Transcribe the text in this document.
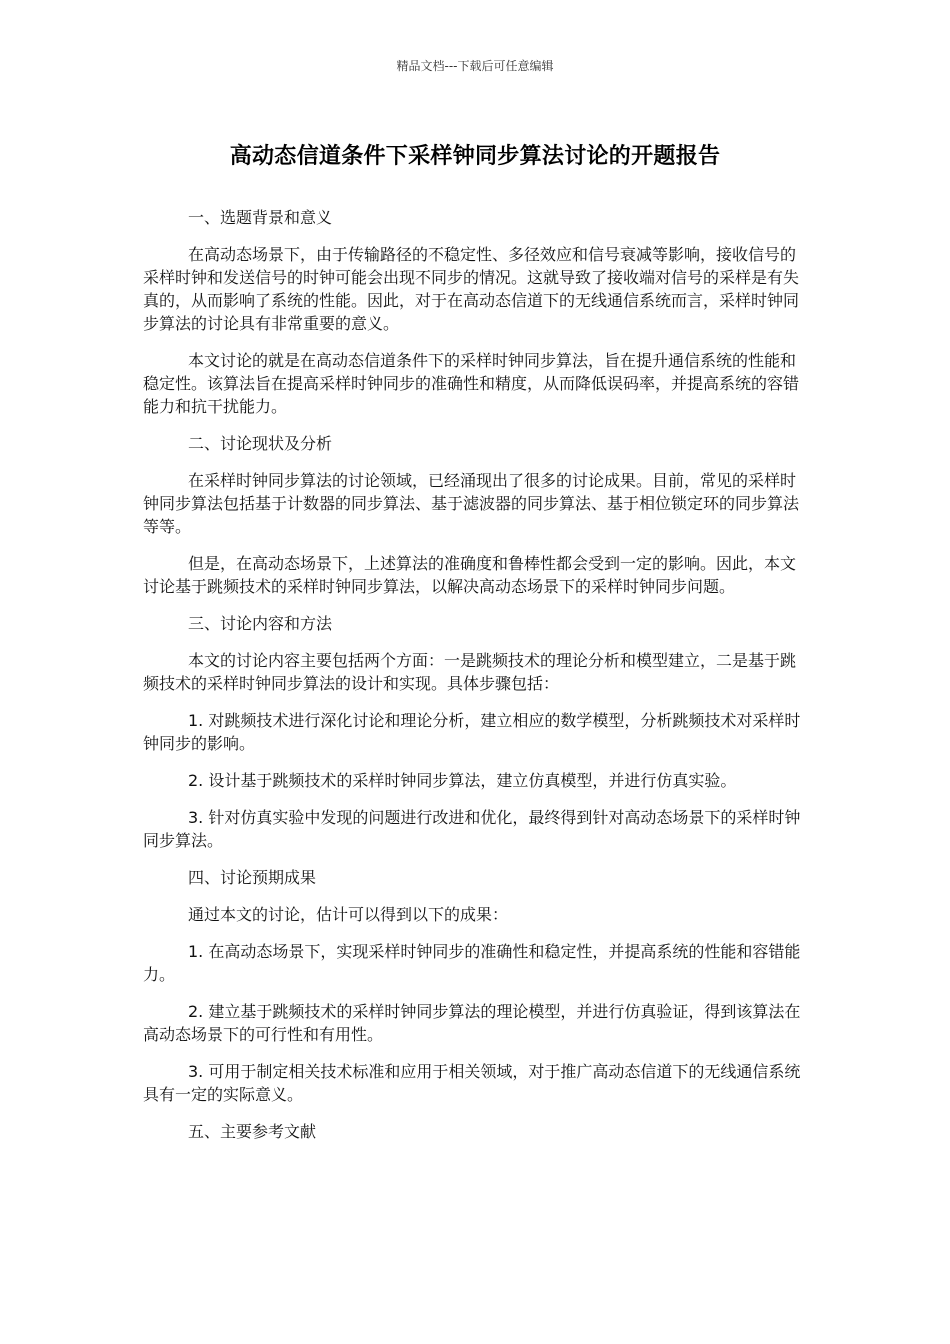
精品文档---下载后可任意编辑
高动态信道条件下采样钟同步算法讨论的开题报告
一、选题背景和意义

在高动态场景下，由于传输路径的不稳定性、多径效应和信号衰减等影响，接收信号的采样时钟和发送信号的时钟可能会出现不同步的情况。这就导致了接收端对信号的采样是有失真的，从而影响了系统的性能。因此，对于在高动态信道下的无线通信系统而言，采样时钟同步算法的讨论具有非常重要的意义。

本文讨论的就是在高动态信道条件下的采样时钟同步算法，旨在提升通信系统的性能和稳定性。该算法旨在提高采样时钟同步的准确性和精度，从而降低误码率，并提高系统的容错能力和抗干扰能力。

二、讨论现状及分析

在采样时钟同步算法的讨论领域，已经涌现出了很多的讨论成果。目前，常见的采样时钟同步算法包括基于计数器的同步算法、基于滤波器的同步算法、基于相位锁定环的同步算法等等。

但是，在高动态场景下，上述算法的准确度和鲁棒性都会受到一定的影响。因此，本文讨论基于跳频技术的采样时钟同步算法，以解决高动态场景下的采样时钟同步问题。

三、讨论内容和方法

本文的讨论内容主要包括两个方面：一是跳频技术的理论分析和模型建立，二是基于跳频技术的采样时钟同步算法的设计和实现。具体步骤包括：

1. 对跳频技术进行深化讨论和理论分析，建立相应的数学模型，分析跳频技术对采样时钟同步的影响。

2. 设计基于跳频技术的采样时钟同步算法，建立仿真模型，并进行仿真实验。

3. 针对仿真实验中发现的问题进行改进和优化，最终得到针对高动态场景下的采样时钟同步算法。

四、讨论预期成果

通过本文的讨论，估计可以得到以下的成果：

1. 在高动态场景下，实现采样时钟同步的准确性和稳定性，并提高系统的性能和容错能力。

2. 建立基于跳频技术的采样时钟同步算法的理论模型，并进行仿真验证，得到该算法在高动态场景下的可行性和有用性。

3. 可用于制定相关技术标准和应用于相关领域，对于推广高动态信道下的无线通信系统具有一定的实际意义。

五、主要参考文献
